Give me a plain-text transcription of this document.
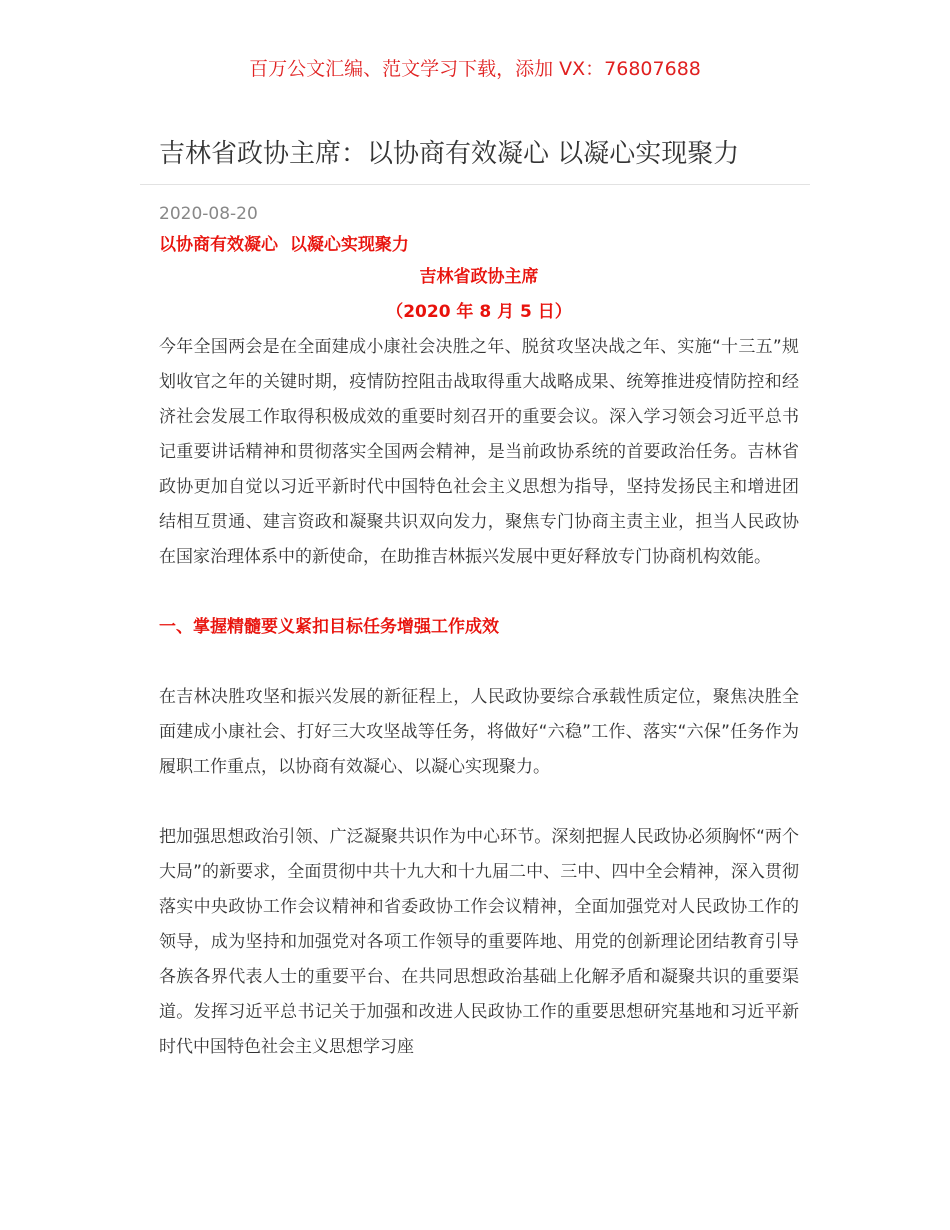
百万公文汇编、范文学习下载，添加 VX：76807688
吉林省政协主席：以协商有效凝心 以凝心实现聚力
2020-08-20
以协商有效凝心  以凝心实现聚力
吉林省政协主席
（2020 年 8 月 5 日）

今年全国两会是在全面建成小康社会决胜之年、脱贫攻坚决战之年、实施“十三五”规划收官之年的关键时期，疫情防控阻击战取得重大战略成果、统筹推进疫情防控和经济社会发展工作取得积极成效的重要时刻召开的重要会议。深入学习领会习近平总书记重要讲话精神和贯彻落实全国两会精神，是当前政协系统的首要政治任务。吉林省政协更加自觉以习近平新时代中国特色社会主义思想为指导，坚持发扬民主和增进团结相互贯通、建言资政和凝聚共识双向发力，聚焦专门协商主责主业，担当人民政协在国家治理体系中的新使命，在助推吉林振兴发展中更好释放专门协商机构效能。

一、掌握精髓要义紧扣目标任务增强工作成效

在吉林决胜攻坚和振兴发展的新征程上，人民政协要综合承载性质定位，聚焦决胜全面建成小康社会、打好三大攻坚战等任务，将做好“六稳”工作、落实“六保”任务作为履职工作重点，以协商有效凝心、以凝心实现聚力。

把加强思想政治引领、广泛凝聚共识作为中心环节。深刻把握人民政协必须胸怀“两个大局”的新要求，全面贯彻中共十九大和十九届二中、三中、四中全会精神，深入贯彻落实中央政协工作会议精神和省委政协工作会议精神，全面加强党对人民政协工作的领导，成为坚持和加强党对各项工作领导的重要阵地、用党的创新理论团结教育引导各族各界代表人士的重要平台、在共同思想政治基础上化解矛盾和凝聚共识的重要渠道。发挥习近平总书记关于加强和改进人民政协工作的重要思想研究基地和习近平新时代中国特色社会主义思想学习座
